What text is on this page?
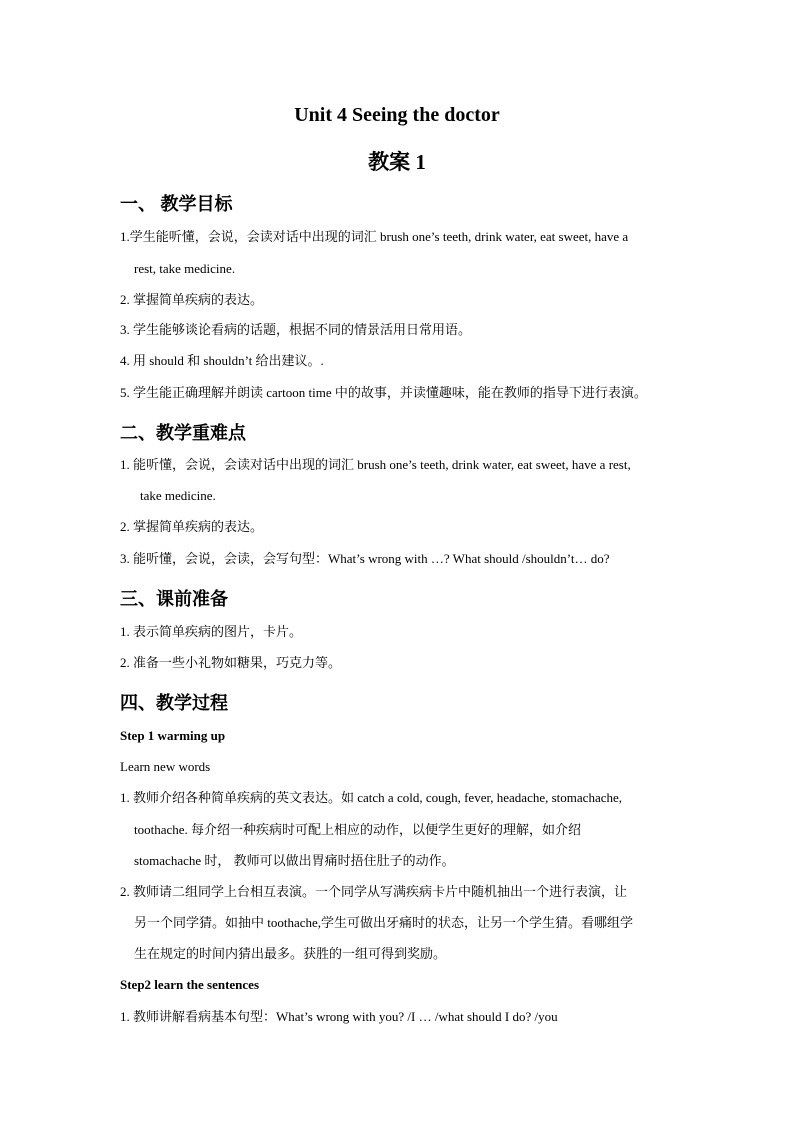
Unit 4 Seeing the doctor
教案 1
一、 教学目标
1.学生能听懂，会说，会读对话中出现的词汇 brush one’s teeth, drink water, eat sweet, have a
rest, take medicine.
2. 掌握简单疾病的表达。
3. 学生能够谈论看病的话题，根据不同的情景活用日常用语。
4. 用 should 和 shouldn’t 给出建议。.
5. 学生能正确理解并朗读 cartoon time 中的故事，并读懂趣味，能在教师的指导下进行表演。
二、教学重难点
1. 能听懂，会说，会读对话中出现的词汇 brush one’s teeth, drink water, eat sweet, have a rest,
take medicine.
2. 掌握简单疾病的表达。
3. 能听懂，会说，会读，会写句型：What’s wrong with …? What should /shouldn’t… do?
三、课前准备
1. 表示简单疾病的图片，卡片。
2. 准备一些小礼物如糖果，巧克力等。
四、教学过程
Step 1 warming up
Learn new words
1. 教师介绍各种简单疾病的英文表达。如 catch a cold, cough, fever, headache, stomachache,
toothache. 每介绍一种疾病时可配上相应的动作，以便学生更好的理解，如介绍
stomachache 时， 教师可以做出胃痛时捂住肚子的动作。
2. 教师请二组同学上台相互表演。一个同学从写满疾病卡片中随机抽出一个进行表演，让
另一个同学猜。如抽中 toothache,学生可做出牙痛时的状态，让另一个学生猜。看哪组学
生在规定的时间内猜出最多。获胜的一组可得到奖励。
Step2 learn the sentences
1. 教师讲解看病基本句型：What’s wrong with you? /I … /what should I do? /you
